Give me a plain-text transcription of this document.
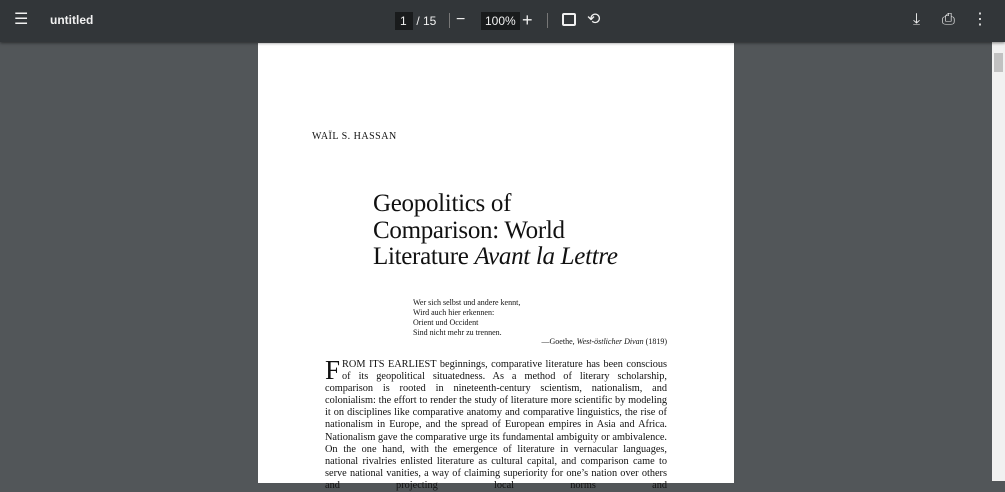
☰ untitled	1 / 15 −	100% +	⟲	⤓ ⎙ ⋮
WAÏL S. HASSAN
Geopolitics of
Comparison: World
Literature Avant la Lettre
Wer sich selbst und andere kennt,
Wird auch hier erkennen:
Orient und Occident
Sind nicht mehr zu trennen.
—Goethe, West-östlicher Divan (1819)
FROM ITS EARLIEST beginnings, comparative literature has been conscious of its geopolitical situatedness. As a method of literary scholarship, comparison is rooted in nineteenth-century scientism, nationalism, and colonialism: the effort to render the study of literature more scientific by modeling it on disciplines like comparative anatomy and comparative linguistics, the rise of nationalism in Europe, and the spread of European empires in Asia and Africa. Nationalism gave the comparative urge its fundamental ambiguity or ambivalence. On the one hand, with the emergence of literature in vernacular languages, national rivalries enlisted literature as cultural capital, and comparison came to serve national vanities, a way of claiming superiority for one’s nation over others and projecting local norms and
